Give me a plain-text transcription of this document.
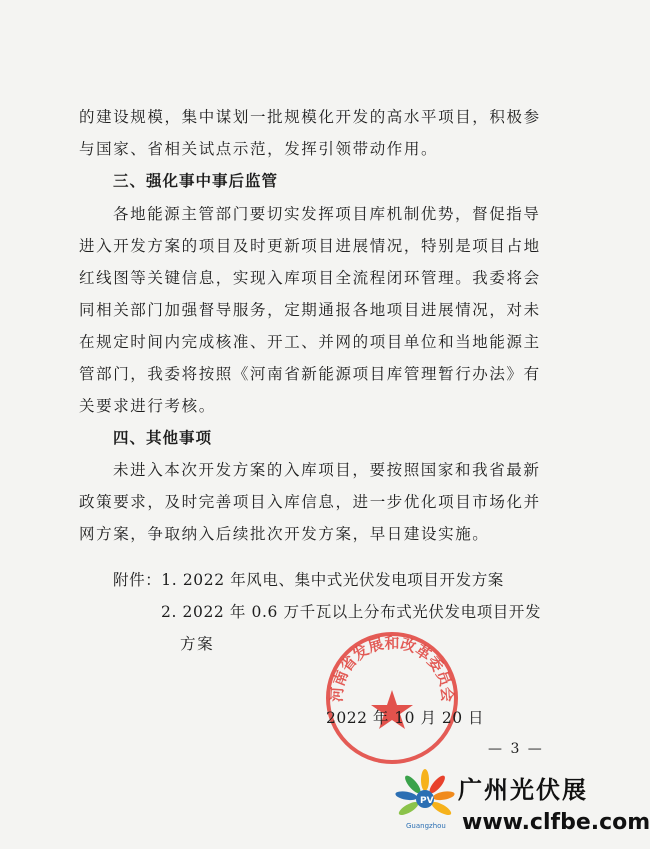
的建设规模，集中谋划一批规模化开发的高水平项目，积极参
与国家、省相关试点示范，发挥引领带动作用。
三、强化事中事后监管
各地能源主管部门要切实发挥项目库机制优势，督促指导
进入开发方案的项目及时更新项目进展情况，特别是项目占地
红线图等关键信息，实现入库项目全流程闭环管理。我委将会
同相关部门加强督导服务，定期通报各地项目进展情况，对未
在规定时间内完成核准、开工、并网的项目单位和当地能源主
管部门，我委将按照《河南省新能源项目库管理暂行办法》有
关要求进行考核。
四、其他事项
未进入本次开发方案的入库项目，要按照国家和我省最新
政策要求，及时完善项目入库信息，进一步优化项目市场化并
网方案，争取纳入后续批次开发方案，早日建设实施。
附件：1. 2022 年风电、集中式光伏发电项目开发方案
2. 2022 年 0.6 万千瓦以上分布式光伏发电项目开发
方案
河南省发展和改革委员会
2022 年 10 月 20 日
— 3 —
PV
Guangzhou
广州光伏展
www.clfbe.com
